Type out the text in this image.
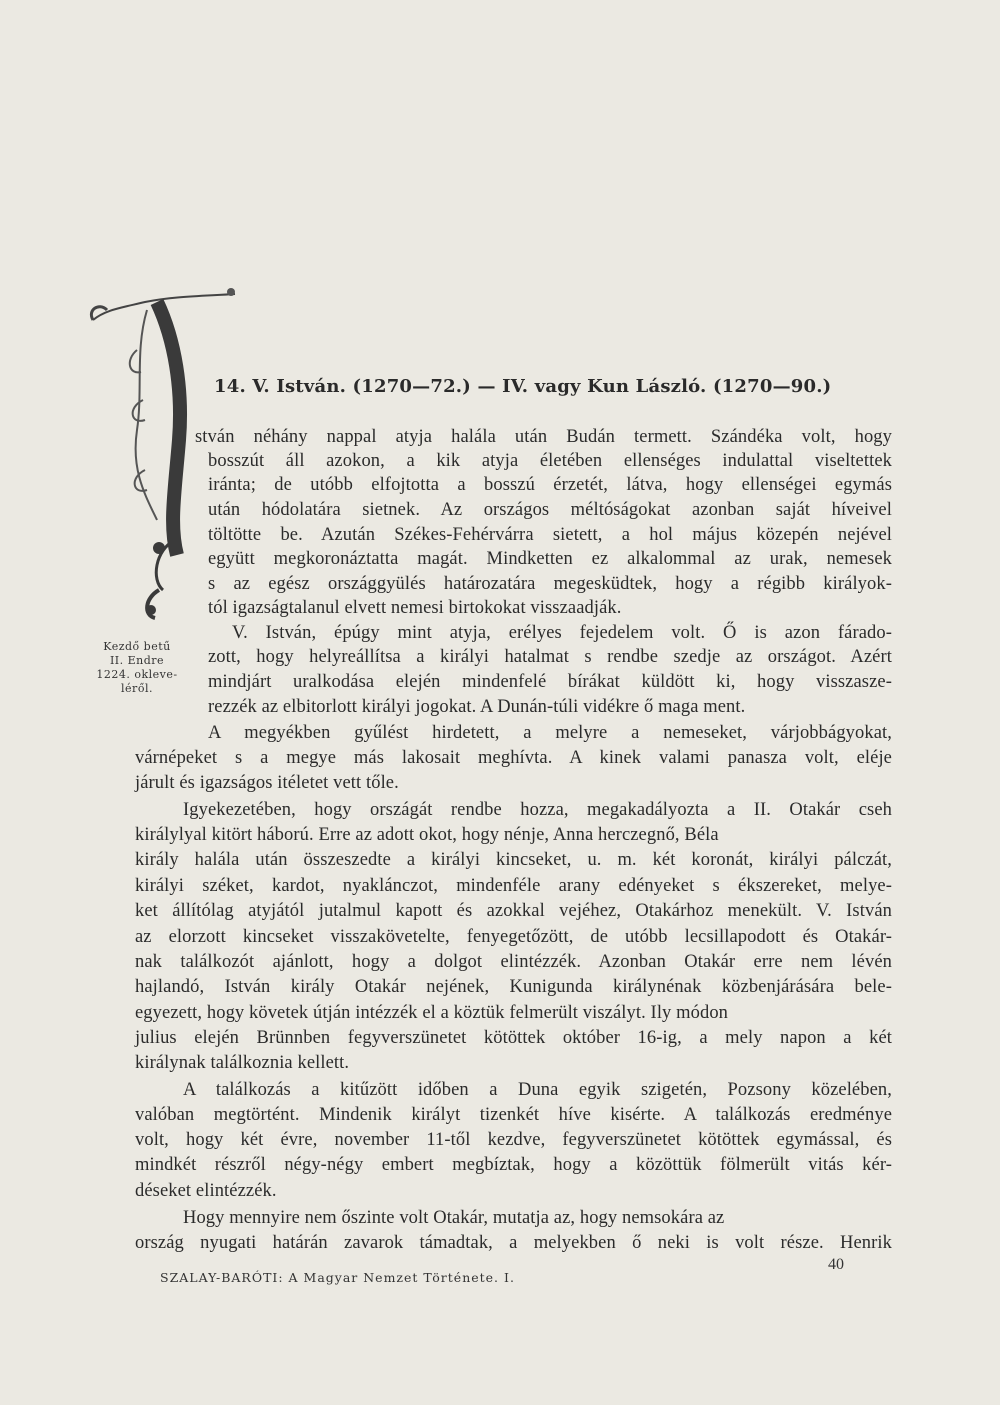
Kezdő betű
II. Endre
1224. okleve-
léről.
14. V. István. (1270—72.) — IV. vagy Kun László. (1270—90.)
stván néhány nappal atyja halála után Budán termett. Szándéka volt, hogy
bosszút áll azokon, a kik atyja életében ellenséges indulattal viseltettek
iránta; de utóbb elfojtotta a bosszú érzetét, látva, hogy ellenségei egymás
után hódolatára sietnek. Az országos méltóságokat azonban saját híveivel
töltötte be. Azután Székes-Fehérvárra sietett, a hol május közepén nejével
együtt megkoronáztatta magát. Mindketten ez alkalommal az urak, nemesek
s az egész országgyülés határozatára megesküdtek, hogy a régibb királyok-
tól igazságtalanul elvett nemesi birtokokat visszaadják.
V. István, épúgy mint atyja, erélyes fejedelem volt. Ő is azon fárado-
zott, hogy helyreállítsa a királyi hatalmat s rendbe szedje az országot. Azért
mindjárt uralkodása elején mindenfelé bírákat küldött ki, hogy visszasze-
rezzék az elbitorlott királyi jogokat. A Dunán-túli vidékre ő maga ment.
A megyékben gyűlést hirdetett, a melyre a nemeseket, várjobbágyokat,
várnépeket s a megye más lakosait meghívta. A kinek valami panasza volt, eléje
járult és igazságos itéletet vett tőle.
Igyekezetében, hogy országát rendbe hozza, megakadályozta a II. Otakár cseh
királylyal kitört háború. Erre az adott okot, hogy nénje, Anna herczegnő, Béla
király halála után összeszedte a királyi kincseket, u. m. két koronát, királyi pálczát,
királyi széket, kardot, nyaklánczot, mindenféle arany edényeket s ékszereket, melye-
ket állítólag atyjától jutalmul kapott és azokkal vejéhez, Otakárhoz menekült. V. István
az elorzott kincseket visszakövetelte, fenyegetőzött, de utóbb lecsillapodott és Otakár-
nak találkozót ajánlott, hogy a dolgot elintézzék. Azonban Otakár erre nem lévén
hajlandó, István király Otakár nejének, Kunigunda királynénak közbenjárására bele-
egyezett, hogy követek útján intézzék el a köztük felmerült viszályt. Ily módon
julius elején Brünnben fegyverszünetet kötöttek október 16-ig, a mely napon a két
királynak találkoznia kellett.
A találkozás a kitűzött időben a Duna egyik szigetén, Pozsony közelében,
valóban megtörtént. Mindenik királyt tizenkét híve kisérte. A találkozás eredménye
volt, hogy két évre, november 11-től kezdve, fegyverszünetet kötöttek egymással, és
mindkét részről négy-négy embert megbíztak, hogy a közöttük fölmerült vitás kér-
déseket elintézzék.
Hogy mennyire nem őszinte volt Otakár, mutatja az, hogy nemsokára az
ország nyugati határán zavarok támadtak, a melyekben ő neki is volt része. Henrik
SZALAY-BARÓTI: A Magyar Nemzet Története. I.
40
